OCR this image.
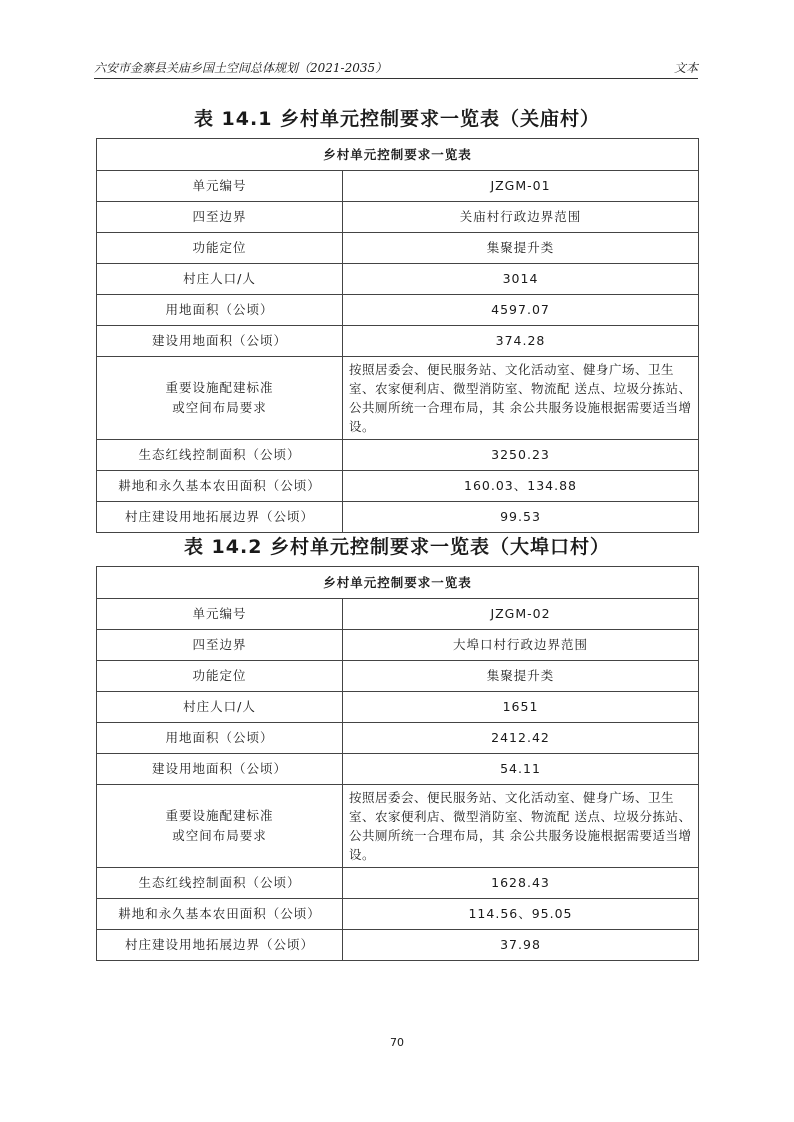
六安市金寨县关庙乡国土空间总体规划（2021-2035）	文本
表 14.1 乡村单元控制要求一览表（关庙村）
乡村单元控制要求一览表	
单元编号	JZGM-01
四至边界	关庙村行政边界范围
功能定位	集聚提升类
村庄人口/人	3014
用地面积（公顷）	4597.07
建设用地面积（公顷）	374.28
重要设施配建标准
或空间布局要求	按照居委会、便民服务站、文化活动室、健身广场、卫生室、农家便利店、微型消防室、物流配 送点、垃圾分拣站、公共厕所统一合理布局，其 余公共服务设施根据需要适当增设。
生态红线控制面积（公顷）	3250.23
耕地和永久基本农田面积（公顷）	160.03、134.88
村庄建设用地拓展边界（公顷）	99.53
表 14.2 乡村单元控制要求一览表（大埠口村）
乡村单元控制要求一览表	
单元编号	JZGM-02
四至边界	大埠口村行政边界范围
功能定位	集聚提升类
村庄人口/人	1651
用地面积（公顷）	2412.42
建设用地面积（公顷）	54.11
重要设施配建标准
或空间布局要求	按照居委会、便民服务站、文化活动室、健身广场、卫生室、农家便利店、微型消防室、物流配 送点、垃圾分拣站、公共厕所统一合理布局，其 余公共服务设施根据需要适当增设。
生态红线控制面积（公顷）	1628.43
耕地和永久基本农田面积（公顷）	114.56、95.05
村庄建设用地拓展边界（公顷）	37.98
70
